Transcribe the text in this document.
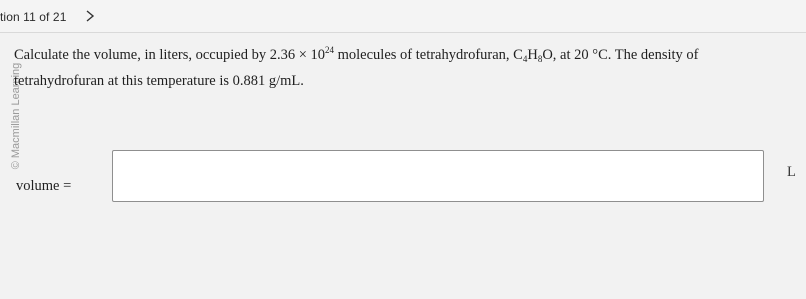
tion 11 of 21
© Macmillan Learning
Calculate the volume, in liters, occupied by $2.36 \times 10^{24}$ molecules of tetrahydrofuran, $C_4H_8O$, at 20 °C. The density of tetrahydrofuran at this temperature is 0.881 g/mL.
volume =
L
